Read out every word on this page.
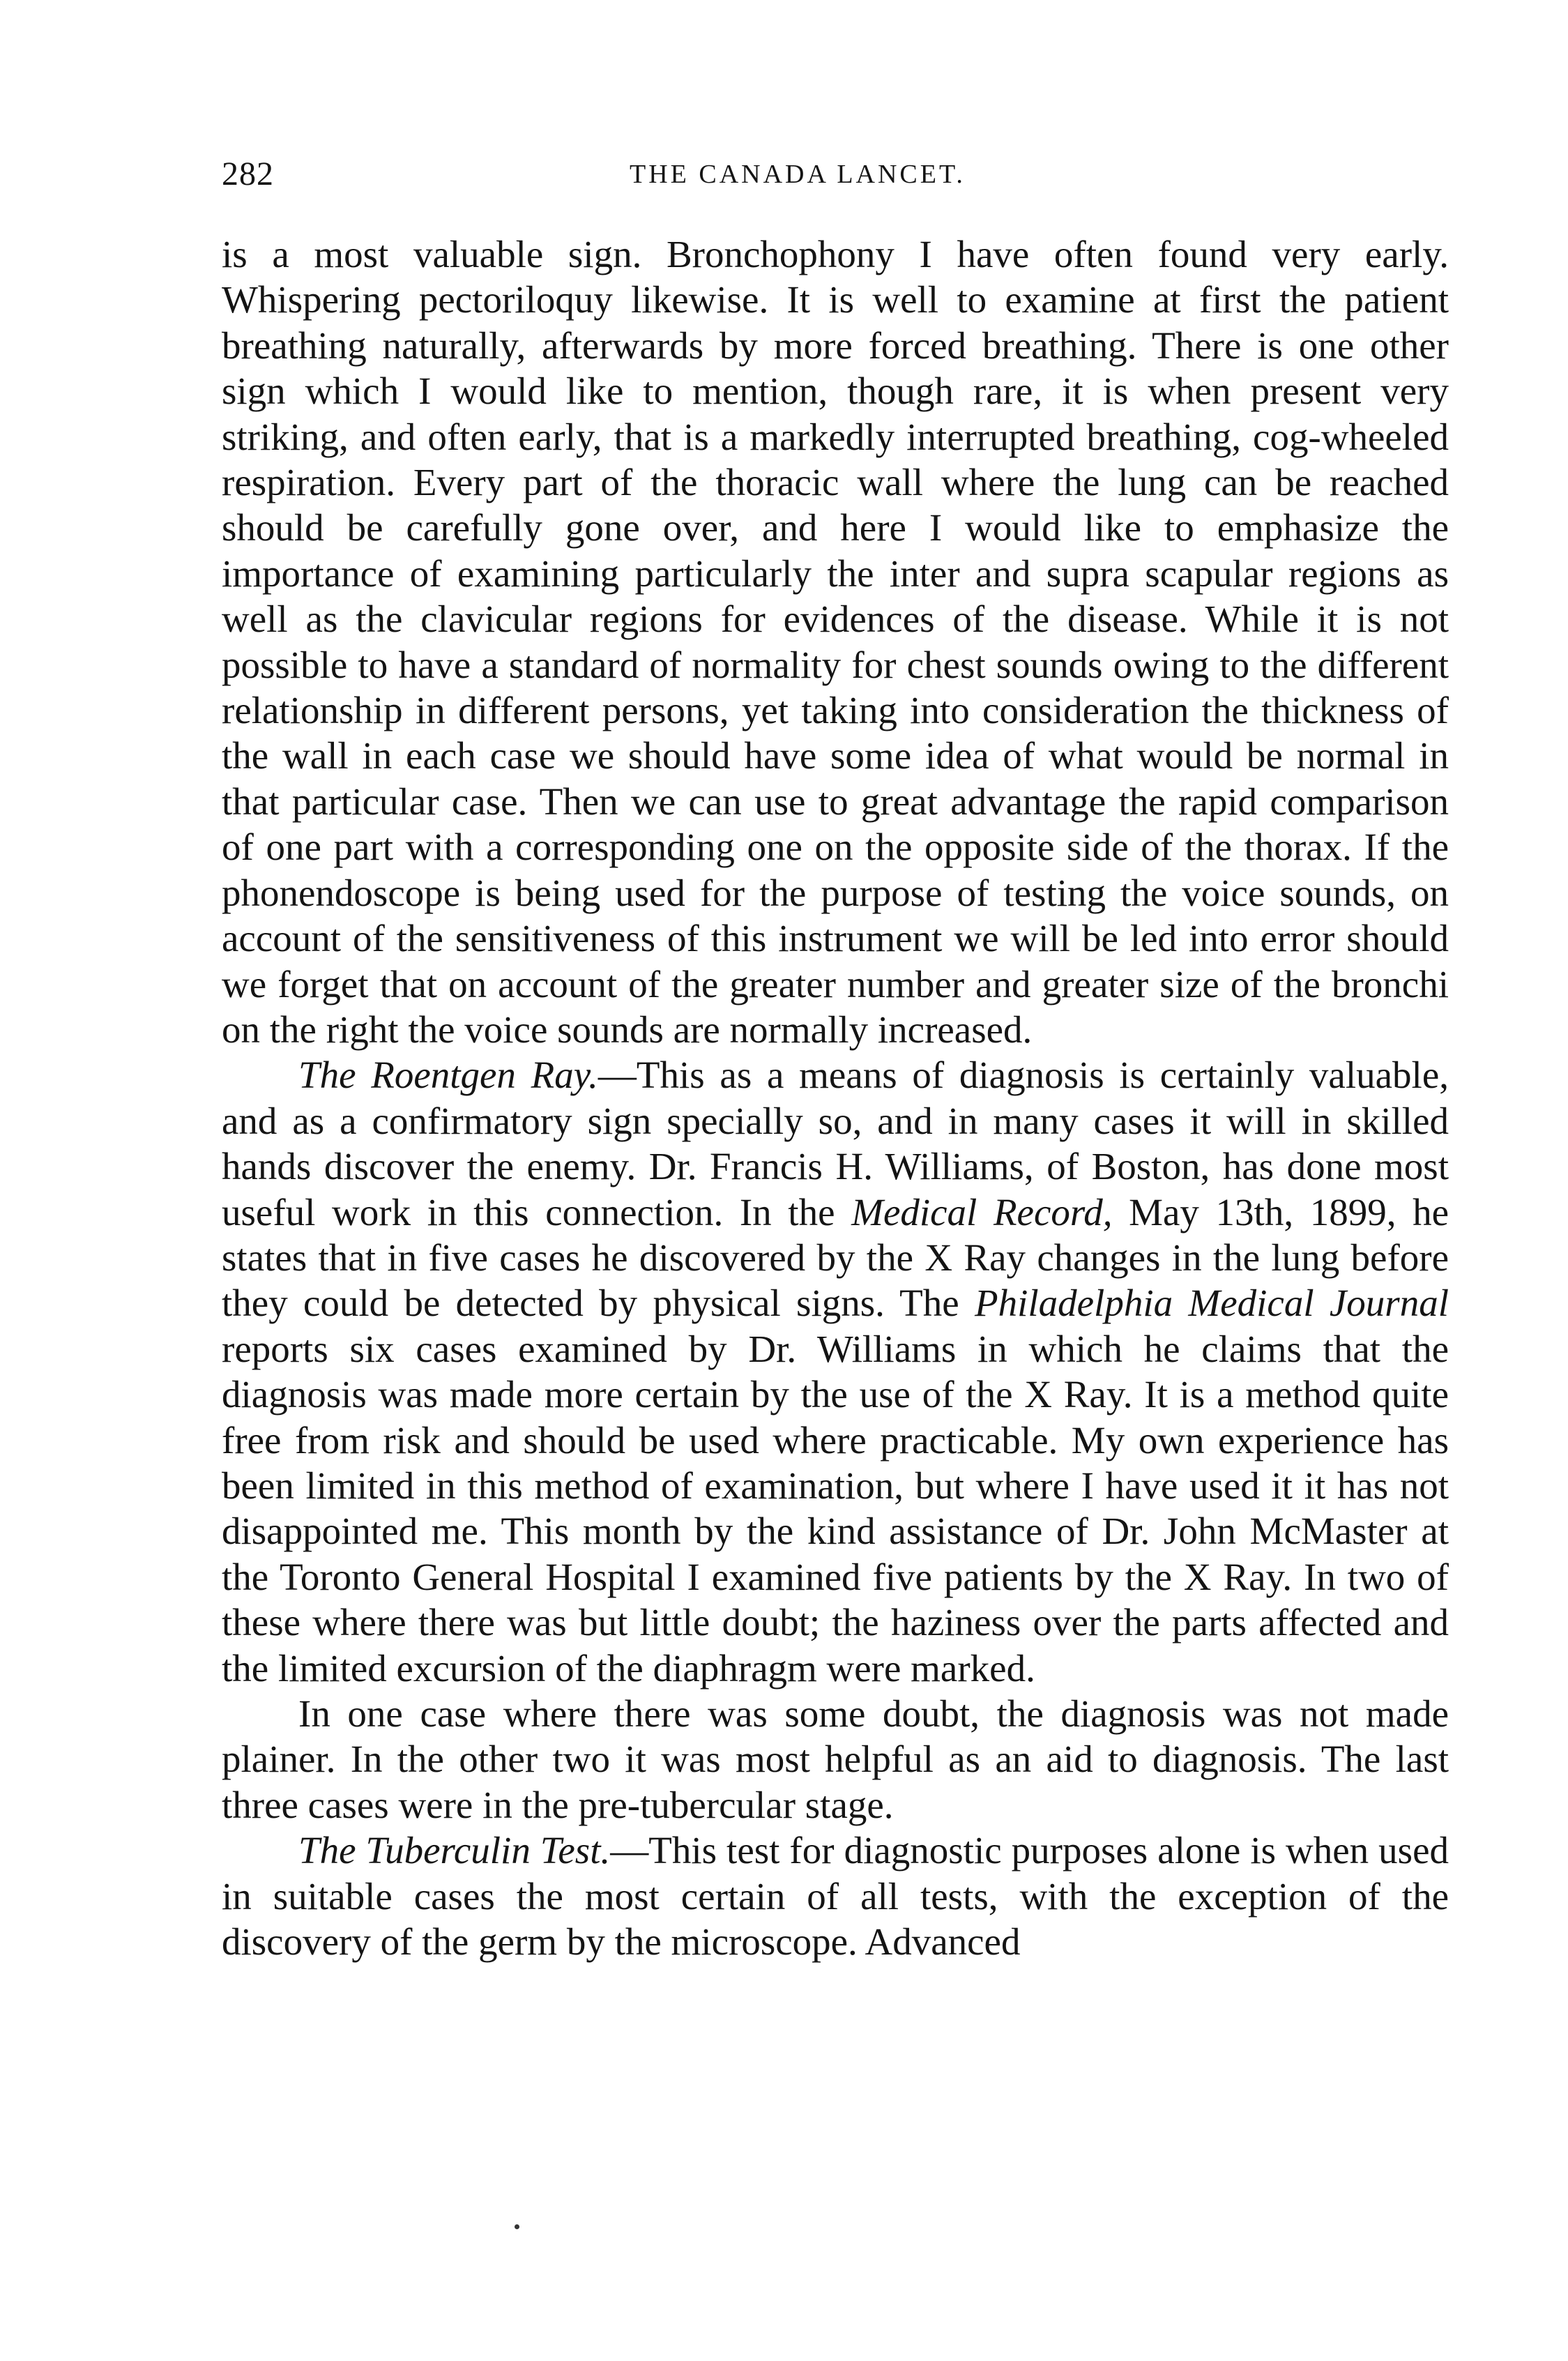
282	THE CANADA LANCET.

is a most valuable sign. Bronchophony I have often found very early. Whispering pectoriloquy likewise. It is well to examine at first the patient breathing naturally, afterwards by more forced breathing. There is one other sign which I would like to mention, though rare, it is when present very striking, and often early, that is a markedly interrupted breathing, cog-wheeled respiration. Every part of the thoracic wall where the lung can be reached should be carefully gone over, and here I would like to emphasize the importance of examining particularly the inter and supra scapular regions as well as the clavicular regions for evidences of the disease. While it is not possible to have a standard of normality for chest sounds owing to the different relationship in different persons, yet taking into consideration the thickness of the wall in each case we should have some idea of what would be normal in that particular case. Then we can use to great advantage the rapid comparison of one part with a corresponding one on the opposite side of the thorax. If the phonendoscope is being used for the purpose of testing the voice sounds, on account of the sensitiveness of this instrument we will be led into error should we forget that on account of the greater number and greater size of the bronchi on the right the voice sounds are normally increased.

The Roentgen Ray.—This as a means of diagnosis is certainly valuable, and as a confirmatory sign specially so, and in many cases it will in skilled hands discover the enemy. Dr. Francis H. Williams, of Boston, has done most useful work in this connection. In the Medical Record, May 13th, 1899, he states that in five cases he discovered by the X Ray changes in the lung before they could be detected by physical signs. The Philadelphia Medical Journal reports six cases examined by Dr. Williams in which he claims that the diagnosis was made more certain by the use of the X Ray. It is a method quite free from risk and should be used where practicable. My own experience has been limited in this method of examination, but where I have used it it has not disappointed me. This month by the kind assistance of Dr. John McMaster at the Toronto General Hospital I examined five patients by the X Ray. In two of these where there was but little doubt; the haziness over the parts affected and the limited excursion of the diaphragm were marked.

In one case where there was some doubt, the diagnosis was not made plainer. In the other two it was most helpful as an aid to diagnosis. The last three cases were in the pre-tubercular stage.

The Tuberculin Test.—This test for diagnostic purposes alone is when used in suitable cases the most certain of all tests, with the exception of the discovery of the germ by the microscope. Advanced
